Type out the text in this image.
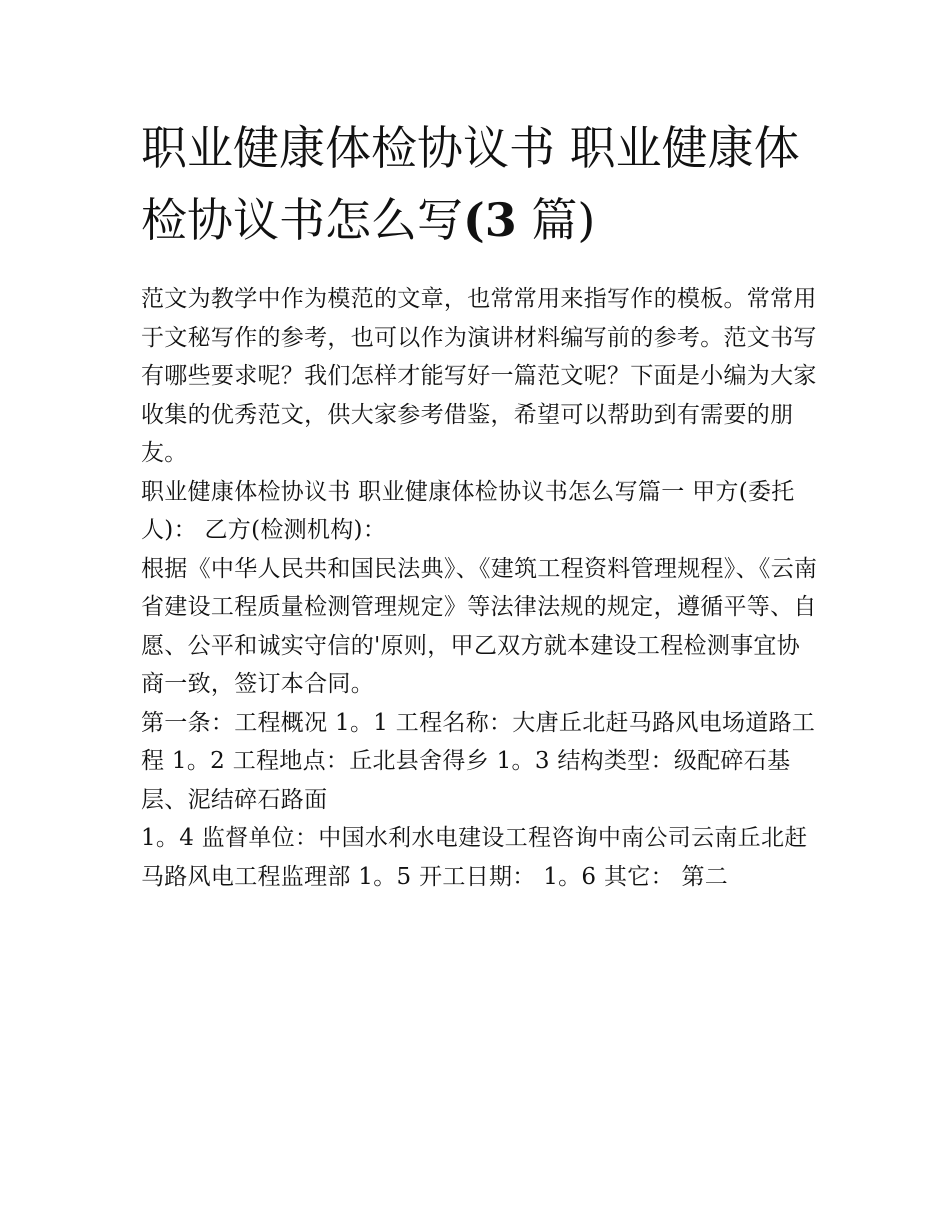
职业健康体检协议书 职业健康体检协议书怎么写(3 篇)

范文为教学中作为模范的文章，也常常用来指写作的模板。常常用于文秘写作的参考，也可以作为演讲材料编写前的参考。范文书写有哪些要求呢？我们怎样才能写好一篇范文呢？下面是小编为大家收集的优秀范文，供大家参考借鉴，希望可以帮助到有需要的朋友。

职业健康体检协议书 职业健康体检协议书怎么写篇一 甲方(委托人)： 乙方(检测机构)：

根据《中华人民共和国民法典》、《建筑工程资料管理规程》、《云南省建设工程质量检测管理规定》等法律法规的规定，遵循平等、自愿、公平和诚实守信的'原则，甲乙双方就本建设工程检测事宜协商一致，签订本合同。

第一条：工程概况 1。1 工程名称：大唐丘北赶马路风电场道路工程 1。2 工程地点：丘北县舍得乡 1。3 结构类型：级配碎石基层、泥结碎石路面

1。4 监督单位：中国水利水电建设工程咨询中南公司云南丘北赶马路风电工程监理部 1。5 开工日期： 1。6 其它： 第二
